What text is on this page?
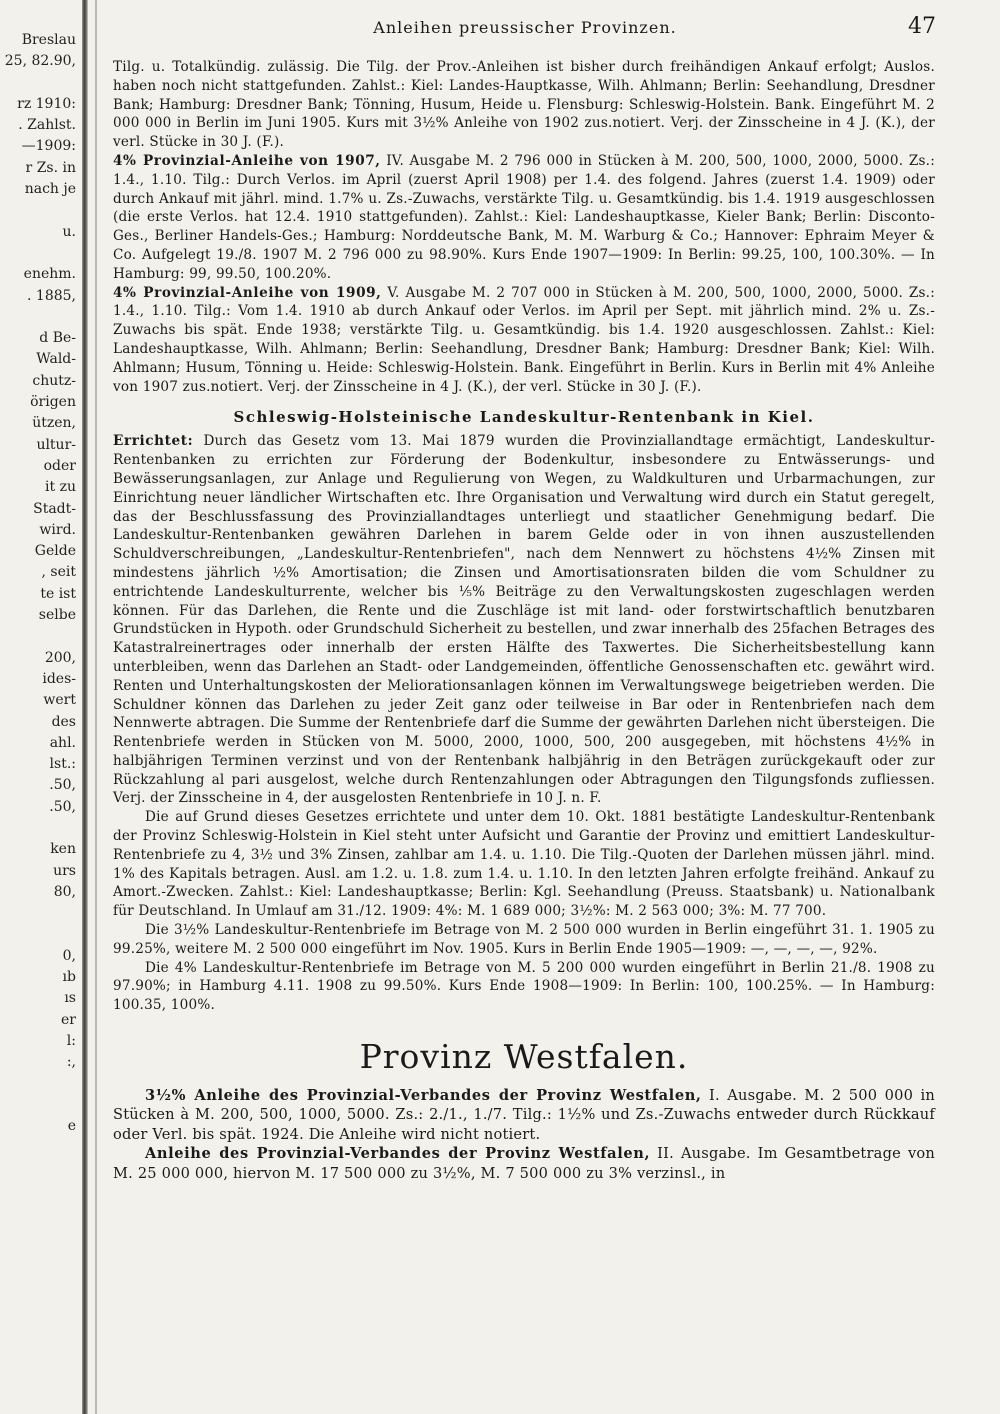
Breslau
25, 82.90,

rz 1910:
. Zahlst.
—1909:
r Zs. in
nach je

u.

enehm.
. 1885,

d Be-
Wald-
chutz-
örigen
ützen,
ultur-
oder
it zu
Stadt-
wird.
Gelde
, seit
te ist
selbe

200,
ides-
wert
des
ahl.
lst.:
.50,
.50,

ken
urs
80,

0,
ıb
ıs
er
l:
:,

e
Anleihen preussischer Provinzen.	47

Tilg. u. Totalkündig. zulässig. Die Tilg. der Prov.-Anleihen ist bisher durch freihändigen Ankauf erfolgt; Auslos. haben noch nicht stattgefunden. Zahlst.: Kiel: Landes-Hauptkasse, Wilh. Ahlmann; Berlin: Seehandlung, Dresdner Bank; Hamburg: Dresdner Bank; Tönning, Husum, Heide u. Flensburg: Schleswig-Holstein. Bank. Eingeführt M. 2 000 000 in Berlin im Juni 1905. Kurs mit 3½% Anleihe von 1902 zus.notiert. Verj. der Zinsscheine in 4 J. (K.), der verl. Stücke in 30 J. (F.).

4% Provinzial-Anleihe von 1907, IV. Ausgabe M. 2 796 000 in Stücken à M. 200, 500, 1000, 2000, 5000. Zs.: 1.4., 1.10. Tilg.: Durch Verlos. im April (zuerst April 1908) per 1.4. des folgend. Jahres (zuerst 1.4. 1909) oder durch Ankauf mit jährl. mind. 1.7% u. Zs.-Zuwachs, verstärkte Tilg. u. Gesamtkündig. bis 1.4. 1919 ausgeschlossen (die erste Verlos. hat 12.4. 1910 stattgefunden). Zahlst.: Kiel: Landeshauptkasse, Kieler Bank; Berlin: Disconto-Ges., Berliner Handels-Ges.; Hamburg: Norddeutsche Bank, M. M. Warburg & Co.; Hannover: Ephraim Meyer & Co. Aufgelegt 19./8. 1907 M. 2 796 000 zu 98.90%. Kurs Ende 1907—1909: In Berlin: 99.25, 100, 100.30%. — In Hamburg: 99, 99.50, 100.20%.

4% Provinzial-Anleihe von 1909, V. Ausgabe M. 2 707 000 in Stücken à M. 200, 500, 1000, 2000, 5000. Zs.: 1.4., 1.10. Tilg.: Vom 1.4. 1910 ab durch Ankauf oder Verlos. im April per Sept. mit jährlich mind. 2% u. Zs.-Zuwachs bis spät. Ende 1938; verstärkte Tilg. u. Gesamtkündig. bis 1.4. 1920 ausgeschlossen. Zahlst.: Kiel: Landeshauptkasse, Wilh. Ahlmann; Berlin: Seehandlung, Dresdner Bank; Hamburg: Dresdner Bank; Kiel: Wilh. Ahlmann; Husum, Tönning u. Heide: Schleswig-Holstein. Bank. Eingeführt in Berlin. Kurs in Berlin mit 4% Anleihe von 1907 zus.notiert. Verj. der Zinsscheine in 4 J. (K.), der verl. Stücke in 30 J. (F.).

Schleswig-Holsteinische Landeskultur-Rentenbank in Kiel.

Errichtet: Durch das Gesetz vom 13. Mai 1879 wurden die Provinziallandtage ermächtigt, Landeskultur-Rentenbanken zu errichten zur Förderung der Bodenkultur, insbesondere zu Entwässerungs- und Bewässerungsanlagen, zur Anlage und Regulierung von Wegen, zu Waldkulturen und Urbarmachungen, zur Einrichtung neuer ländlicher Wirtschaften etc. Ihre Organisation und Verwaltung wird durch ein Statut geregelt, das der Beschlussfassung des Provinziallandtages unterliegt und staatlicher Genehmigung bedarf. Die Landeskultur-Rentenbanken gewähren Darlehen in barem Gelde oder in von ihnen auszustellenden Schuldverschreibungen, „Landeskultur-Rentenbriefen", nach dem Nennwert zu höchstens 4½% Zinsen mit mindestens jährlich ½% Amortisation; die Zinsen und Amortisationsraten bilden die vom Schuldner zu entrichtende Landeskulturrente, welcher bis ⅕% Beiträge zu den Verwaltungskosten zugeschlagen werden können. Für das Darlehen, die Rente und die Zuschläge ist mit land- oder forstwirtschaftlich benutzbaren Grundstücken in Hypoth. oder Grundschuld Sicherheit zu bestellen, und zwar innerhalb des 25fachen Betrages des Katastralreinertrages oder innerhalb der ersten Hälfte des Taxwertes. Die Sicherheitsbestellung kann unterbleiben, wenn das Darlehen an Stadt- oder Landgemeinden, öffentliche Genossenschaften etc. gewährt wird. Renten und Unterhaltungskosten der Meliorationsanlagen können im Verwaltungswege beigetrieben werden. Die Schuldner können das Darlehen zu jeder Zeit ganz oder teilweise in Bar oder in Rentenbriefen nach dem Nennwerte abtragen. Die Summe der Rentenbriefe darf die Summe der gewährten Darlehen nicht übersteigen. Die Rentenbriefe werden in Stücken von M. 5000, 2000, 1000, 500, 200 ausgegeben, mit höchstens 4½% in halbjährigen Terminen verzinst und von der Rentenbank halbjährig in den Beträgen zurückgekauft oder zur Rückzahlung al pari ausgelost, welche durch Rentenzahlungen oder Abtragungen den Tilgungsfonds zufliessen. Verj. der Zinsscheine in 4, der ausgelosten Rentenbriefe in 10 J. n. F.

Die auf Grund dieses Gesetzes errichtete und unter dem 10. Okt. 1881 bestätigte Landeskultur-Rentenbank der Provinz Schleswig-Holstein in Kiel steht unter Aufsicht und Garantie der Provinz und emittiert Landeskultur-Rentenbriefe zu 4, 3½ und 3% Zinsen, zahlbar am 1.4. u. 1.10. Die Tilg.-Quoten der Darlehen müssen jährl. mind. 1% des Kapitals betragen. Ausl. am 1.2. u. 1.8. zum 1.4. u. 1.10. In den letzten Jahren erfolgte freihänd. Ankauf zu Amort.-Zwecken. Zahlst.: Kiel: Landeshauptkasse; Berlin: Kgl. Seehandlung (Preuss. Staatsbank) u. Nationalbank für Deutschland. In Umlauf am 31./12. 1909: 4%: M. 1 689 000; 3½%: M. 2 563 000; 3%: M. 77 700.

Die 3½% Landeskultur-Rentenbriefe im Betrage von M. 2 500 000 wurden in Berlin eingeführt 31. 1. 1905 zu 99.25%, weitere M. 2 500 000 eingeführt im Nov. 1905. Kurs in Berlin Ende 1905—1909: —, —, —, —, 92%.

Die 4% Landeskultur-Rentenbriefe im Betrage von M. 5 200 000 wurden eingeführt in Berlin 21./8. 1908 zu 97.90%; in Hamburg 4.11. 1908 zu 99.50%. Kurs Ende 1908—1909: In Berlin: 100, 100.25%. — In Hamburg: 100.35, 100%.

Provinz Westfalen.

3½% Anleihe des Provinzial-Verbandes der Provinz Westfalen, I. Ausgabe. M. 2 500 000 in Stücken à M. 200, 500, 1000, 5000. Zs.: 2./1., 1./7. Tilg.: 1½% und Zs.-Zuwachs entweder durch Rückkauf oder Verl. bis spät. 1924. Die Anleihe wird nicht notiert.

Anleihe des Provinzial-Verbandes der Provinz Westfalen, II. Ausgabe. Im Gesamtbetrage von M. 25 000 000, hiervon M. 17 500 000 zu 3½%, M. 7 500 000 zu 3% verzinsl., in
